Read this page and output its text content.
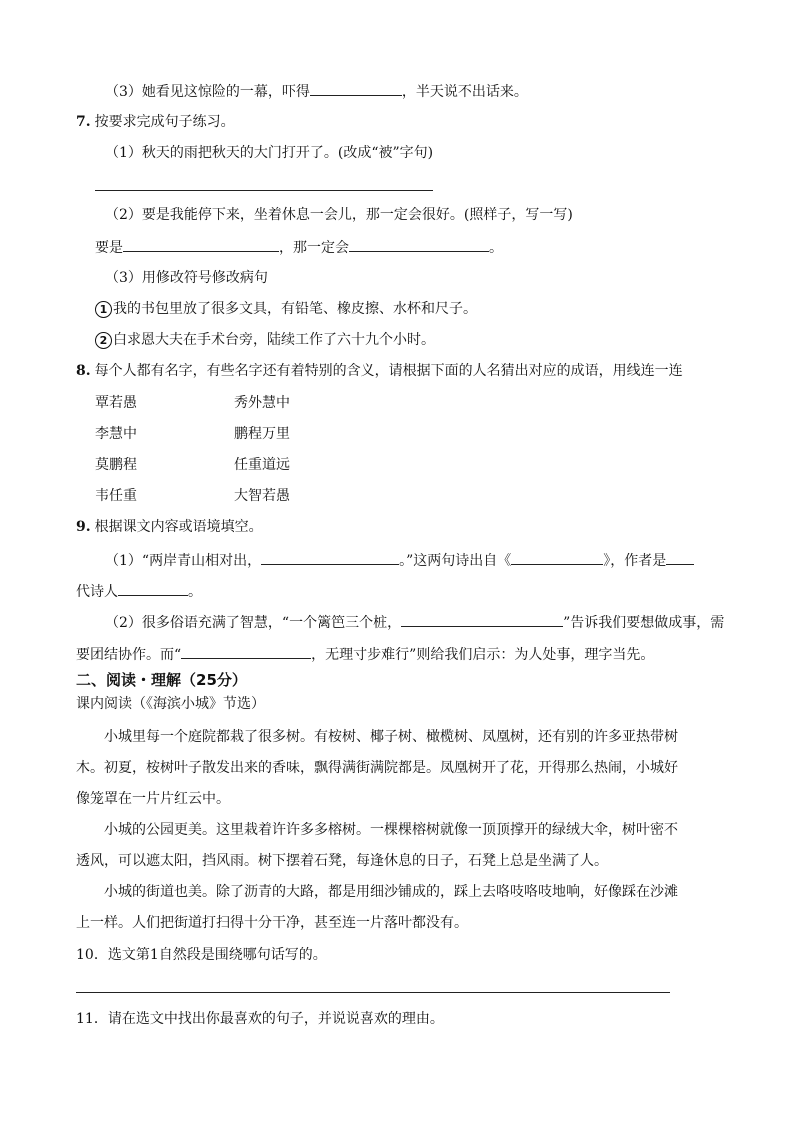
（3）她看见这惊险的一幕，吓得	，半天说不出话来。
7. 按要求完成句子练习。
（1）秋天的雨把秋天的大门打开了。(改成“被”字句)
（2）要是我能停下来，坐着休息一会儿，那一定会很好。(照样子，写一写)
要是	，那一定会	。
（3）用修改符号修改病句
1 我的书包里放了很多文具，有铅笔、橡皮擦、水杯和尺子。
2 白求恩大夫在手术台旁，陆续工作了六十九个小时。
8. 每个人都有名字，有些名字还有着特别的含义，请根据下面的人名猜出对应的成语，用线连一连
覃若愚	秀外慧中
李慧中	鹏程万里
莫鹏程	任重道远
韦任重	大智若愚
9. 根据课文内容或语境填空。
（1）“两岸青山相对出，	。”这两句诗出自《	》，作者是
代诗人	。
（2）很多俗语充满了智慧，“一个篱笆三个桩，	”告诉我们要想做成事，需
要团结协作。而“	，无理寸步难行”则给我们启示：为人处事，理字当先。
二、阅读・理解（25分）
课内阅读（《海滨小城》节选）
小城里每一个庭院都栽了很多树。有桉树、椰子树、橄榄树、凤凰树，还有别的许多亚热带树
木。初夏，桉树叶子散发出来的香味，飘得满街满院都是。凤凰树开了花，开得那么热闹，小城好
像笼罩在一片片红云中。
小城的公园更美。这里栽着许许多多榕树。一棵棵榕树就像一顶顶撑开的绿绒大伞，树叶密不
透风，可以遮太阳，挡风雨。树下摆着石凳，每逢休息的日子，石凳上总是坐满了人。
小城的街道也美。除了沥青的大路，都是用细沙铺成的，踩上去咯吱咯吱地响，好像踩在沙滩
上一样。人们把街道打扫得十分干净，甚至连一片落叶都没有。
10．选文第1自然段是围绕哪句话写的。
11．请在选文中找出你最喜欢的句子，并说说喜欢的理由。
